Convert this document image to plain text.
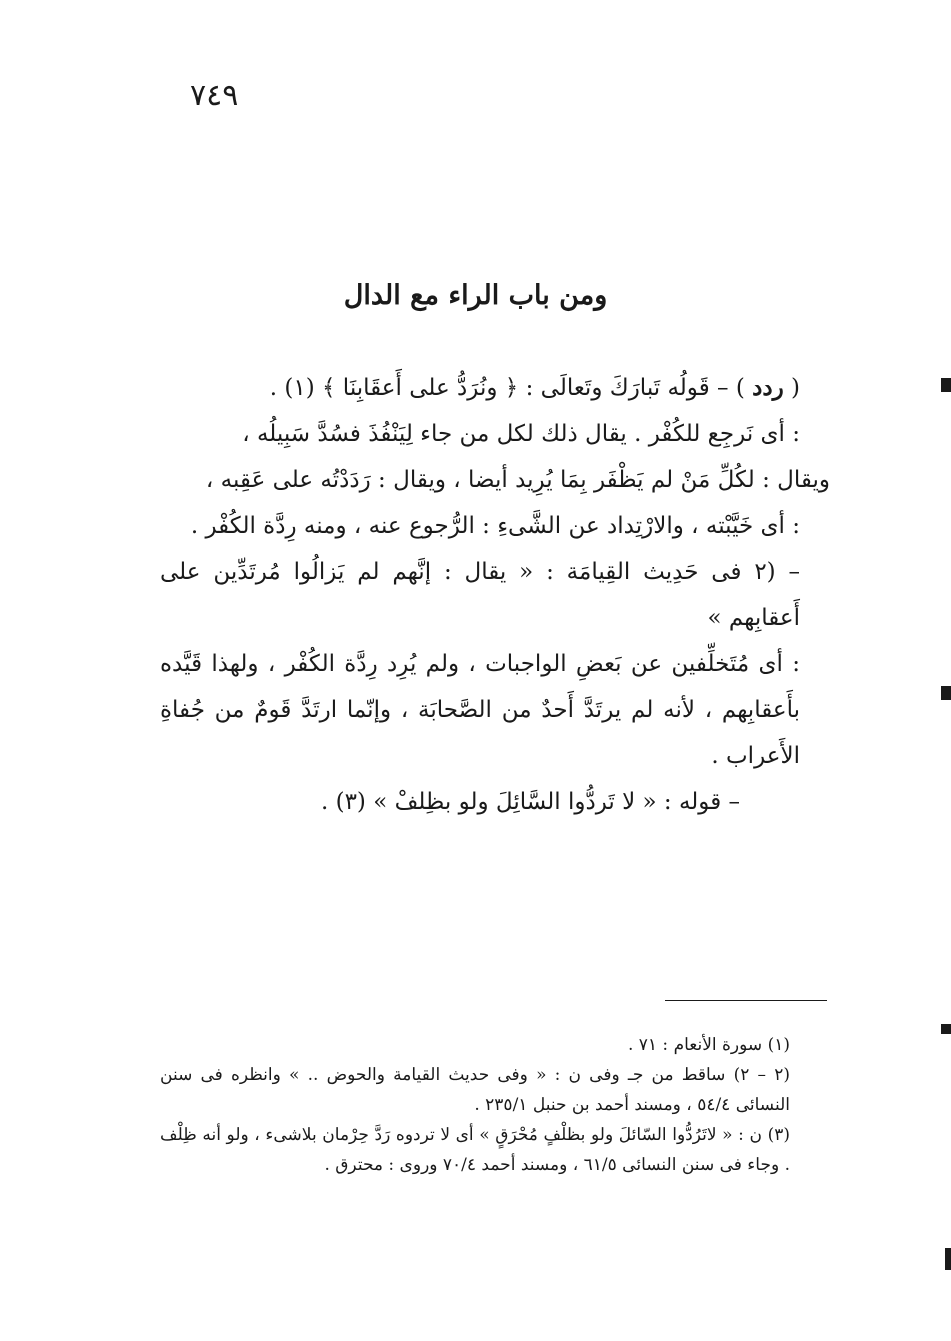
٧٤٩
ومن باب الراء مع الدال

( ردد ) – قَولُه تَبارَكَ وتَعالَى : ﴿ ونُرَدُّ على أَعقَابِنَا ﴾ (١) .

: أى نَرجِع للكُفْر . يقال ذلك لكل من جاء لِيَنْفُذَ فسُدَّ سَبِيلُه ،

ويقال : لكُلِّ مَنْ لم يَظْفَر بِمَا يُرِيد أيضا ، ويقال : رَدَدْتُه على عَقِبه ،

: أى خَيَّبْته ، والارْتِداد عن الشَّىءِ : الرُّجوع عنه ، ومنه رِدَّة الكُفْر .

– (٢ فى حَدِيث القِيامَة : « يقال : إنَّهم لم يَزالُوا مُرتَدِّين على أَعقابِهم »

: أى مُتَخلِّفين عن بَعضِ الواجبات ، ولم يُرِد رِدَّة الكُفْر ، ولهذا قَيَّده بأَعقابِهم ، لأنه لم يرتَدَّ أَحدٌ من الصَّحابَة ، وإنّما ارتَدَّ قَومٌ من جُفاةِ الأَعراب .

– قوله : « لا تَردُّوا السَّائِلَ ولو بظِلفْ » (٣) .

(١) سورة الأنعام : ٧١ .

(٢ – ٢) ساقط من جـ وفى ن : « وفى حديث القيامة والحوض .. » وانظره فى سنن النسائى ٥٤/٤ ، ومسند أحمد بن حنبل ٢٣٥/١ .

(٣) ن : « لاتَرُدُّوا السّائلَ ولو بظلْفٍ مُحْرَقٍ » أى لا تردوه رَدَّ حِرْمان بلاشىء ، ولو أنه ظِلْف . وجاء فى سنن النسائى ٦١/٥ ، ومسند أحمد ٧٠/٤ وروى : محترق .
